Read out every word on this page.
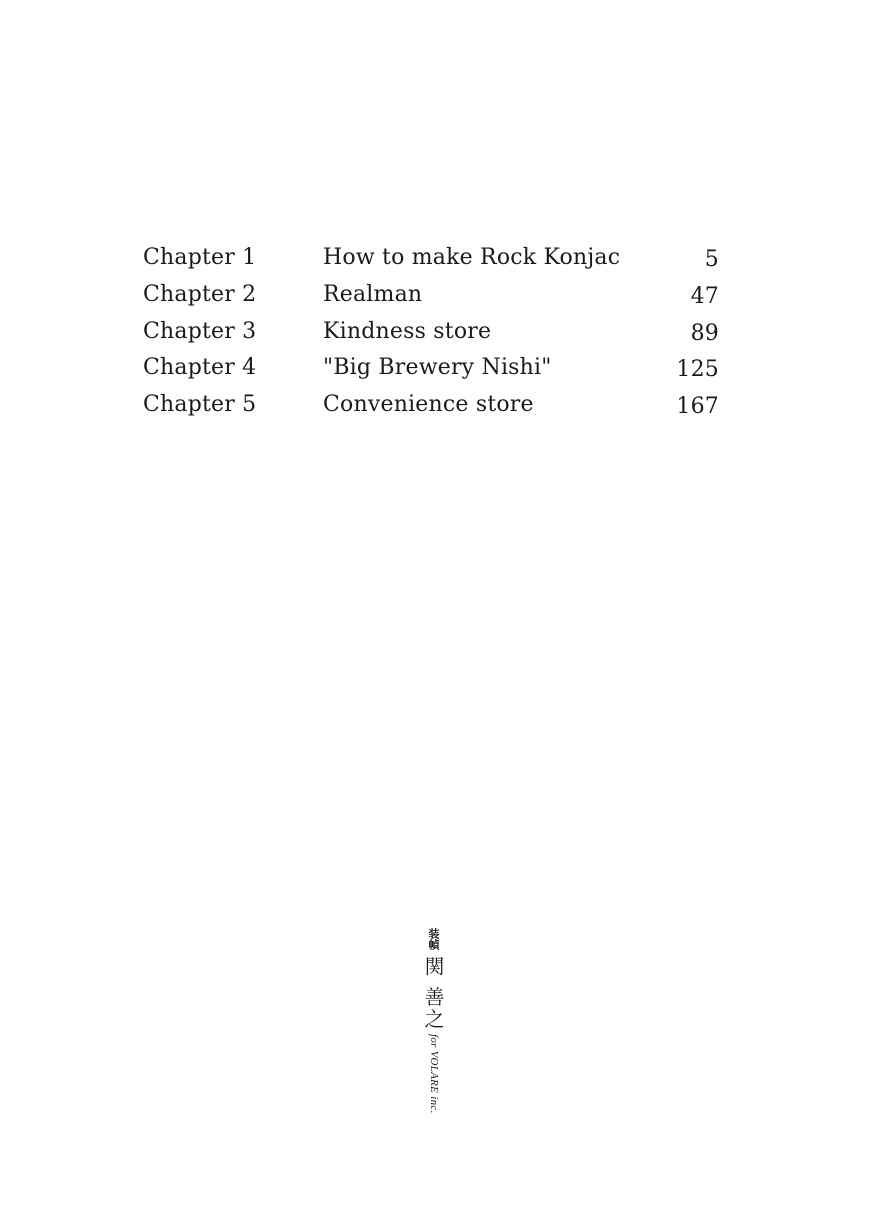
Chapter 1	How to make Rock Konjac	5
Chapter 2	Realman	47
Chapter 3	Kindness store	89
Chapter 4	"Big Brewery Nishi"	125
Chapter 5	Convenience store	167
装幀
関 善之
for VOLARE inc.
